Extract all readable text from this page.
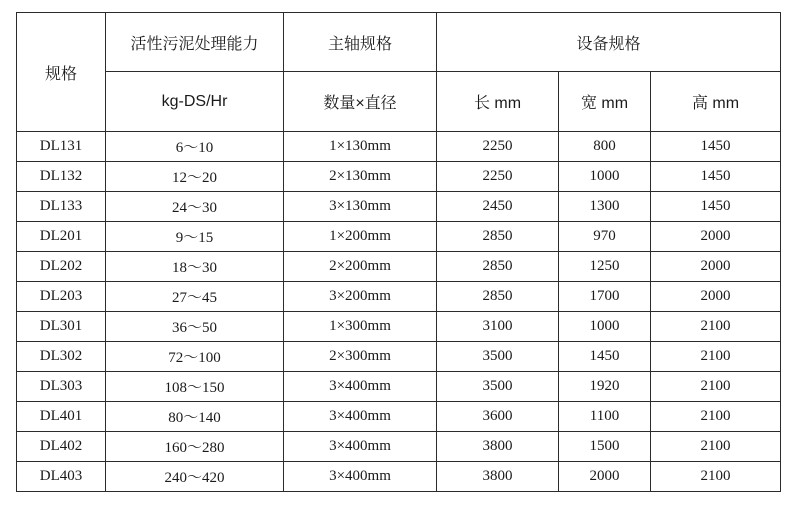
规格	活性污泥处理能力	主轴规格	设备规格		
	kg-DS/Hr	数量×直径	长 mm	宽 mm	高 mm
DL131	6～10	1×130mm	2250	800	1450
DL132	12～20	2×130mm	2250	1000	1450
DL133	24～30	3×130mm	2450	1300	1450
DL201	9～15	1×200mm	2850	970	2000
DL202	18～30	2×200mm	2850	1250	2000
DL203	27～45	3×200mm	2850	1700	2000
DL301	36～50	1×300mm	3100	1000	2100
DL302	72～100	2×300mm	3500	1450	2100
DL303	108～150	3×400mm	3500	1920	2100
DL401	80～140	3×400mm	3600	1100	2100
DL402	160～280	3×400mm	3800	1500	2100
DL403	240～420	3×400mm	3800	2000	2100
